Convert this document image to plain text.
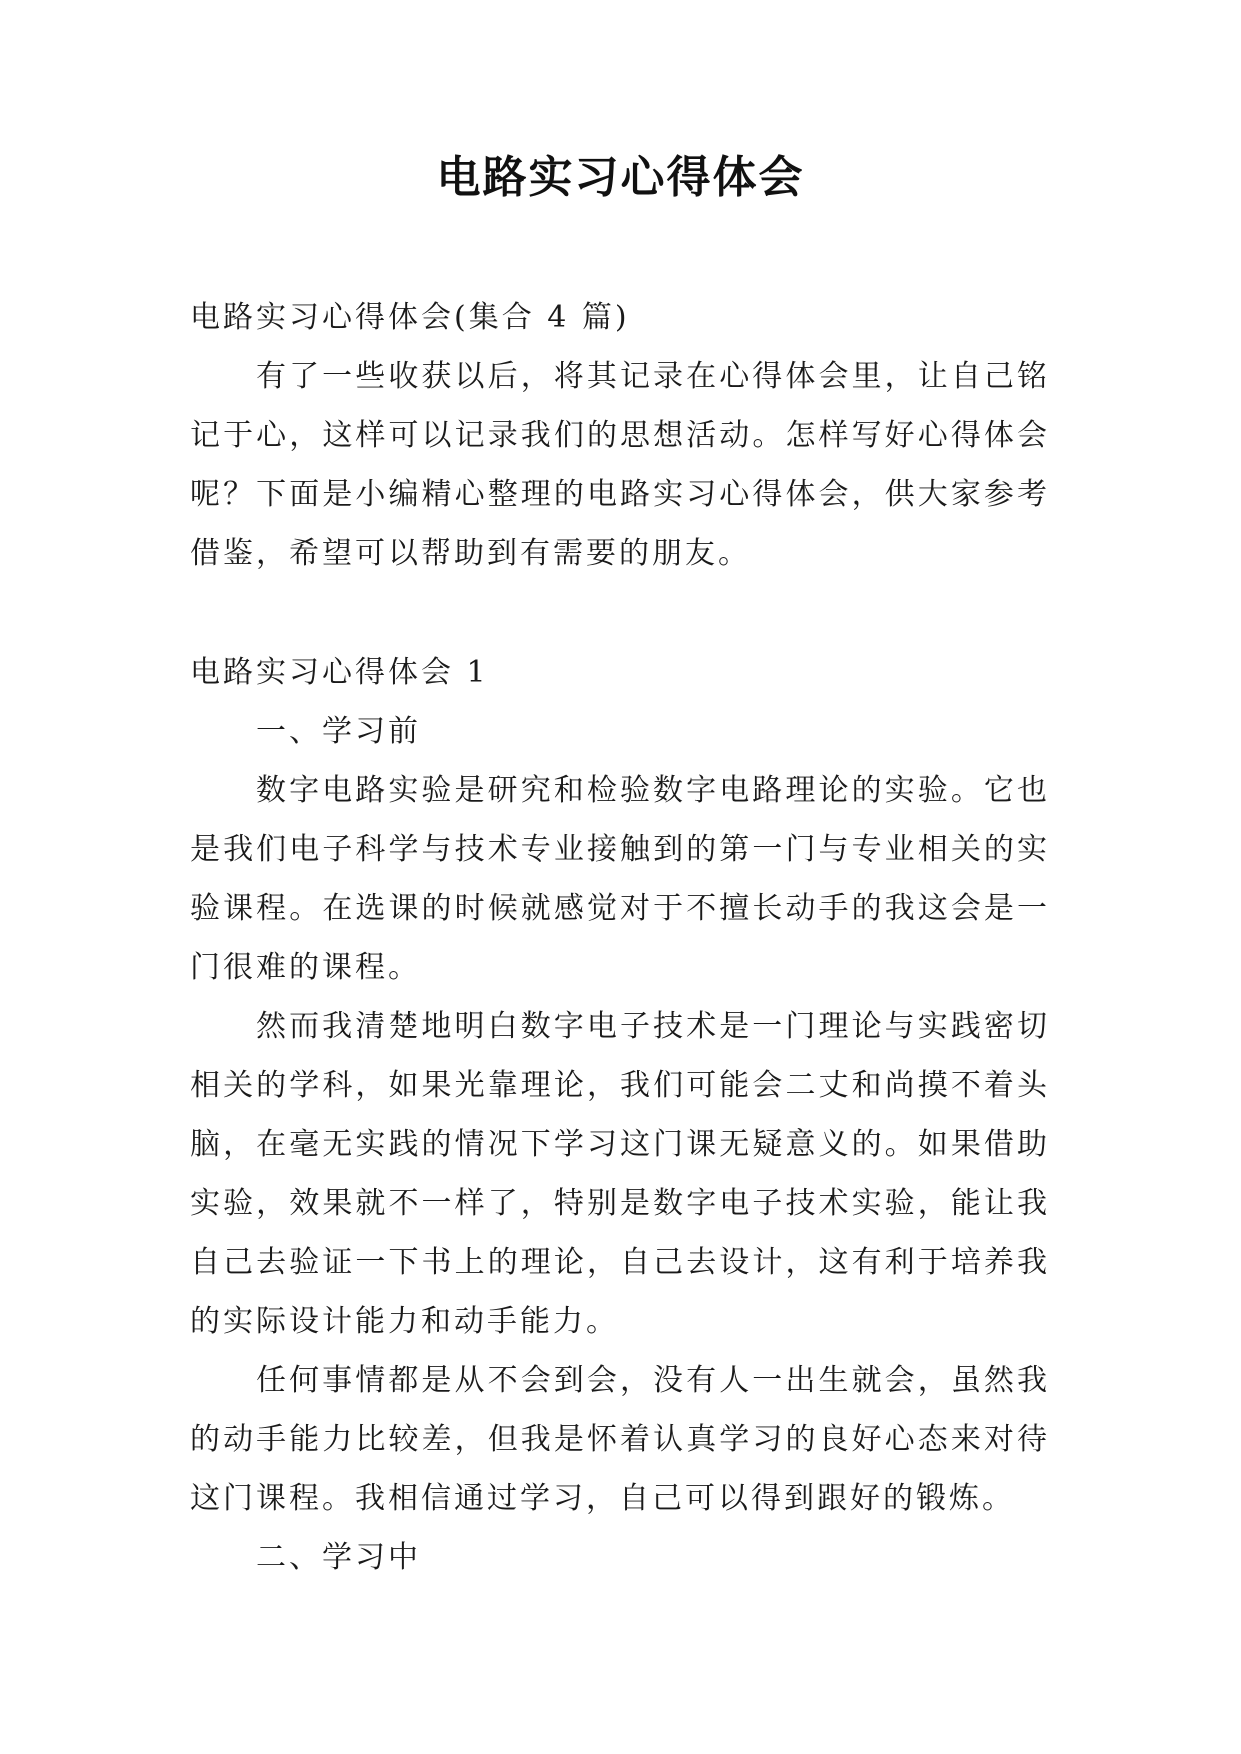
电路实习心得体会

电路实习心得体会(集合 4 篇)

有了一些收获以后，将其记录在心得体会里，让自己铭记于心，这样可以记录我们的思想活动。怎样写好心得体会呢？下面是小编精心整理的电路实习心得体会，供大家参考借鉴，希望可以帮助到有需要的朋友。

电路实习心得体会 1

一、学习前

数字电路实验是研究和检验数字电路理论的实验。它也是我们电子科学与技术专业接触到的第一门与专业相关的实验课程。在选课的时候就感觉对于不擅长动手的我这会是一门很难的课程。

然而我清楚地明白数字电子技术是一门理论与实践密切相关的学科，如果光靠理论，我们可能会二丈和尚摸不着头脑，在毫无实践的情况下学习这门课无疑意义的。如果借助实验，效果就不一样了，特别是数字电子技术实验，能让我自己去验证一下书上的理论，自己去设计，这有利于培养我的实际设计能力和动手能力。

任何事情都是从不会到会，没有人一出生就会，虽然我的动手能力比较差，但我是怀着认真学习的良好心态来对待这门课程。我相信通过学习，自己可以得到跟好的锻炼。

二、学习中
